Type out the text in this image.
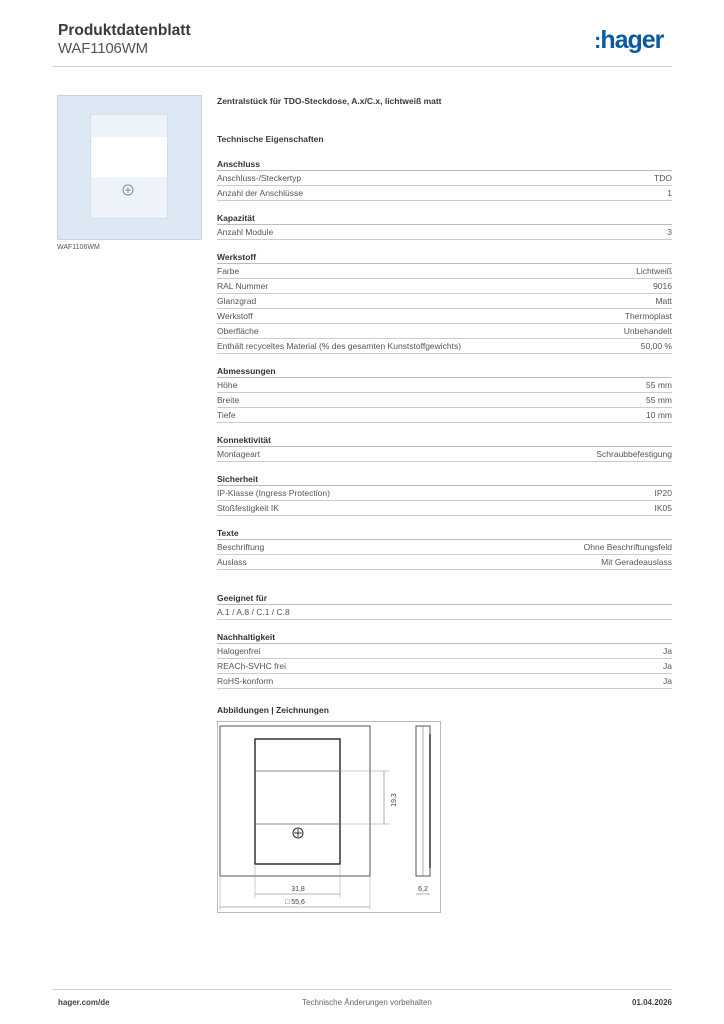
Produktdatenblatt
WAF1106WM	:hager
WAF1106WM
Zentralstück für TDO-Steckdose, A.x/C.x, lichtweiß matt
Technische Eigenschaften
Anschluss
Anschluss-/Steckertyp	TDO
Anzahl der Anschlüsse	1
Kapazität
Anzahl Module	3
Werkstoff
Farbe	Lichtweiß
RAL Nummer	9016
Glanzgrad	Matt
Werkstoff	Thermoplast
Oberfläche	Unbehandelt
Enthält recyceltes Material (% des gesamten Kunststoffgewichts)	50,00 %
Abmessungen
Höhe	55 mm
Breite	55 mm
Tiefe	10 mm
Konnektivität
Montageart	Schraubbefestigung
Sicherheit
IP-Klasse (Ingress Protection)	IP20
Stoßfestigkeit IK	IK05
Texte
Beschriftung	Ohne Beschriftungsfeld
Auslass	Mit Geradeauslass
Geeignet für
A.1 / A.8 / C.1 / C.8
Nachhaltigkeit
Halogenfrei	Ja
REACh-SVHC frei	Ja
RoHS-konform	Ja
Abbildungen | Zeichnungen
19,3
31,8
□ 55,6
6,2
hager.com/de	Technische Änderungen vorbehalten	01.04.2026
